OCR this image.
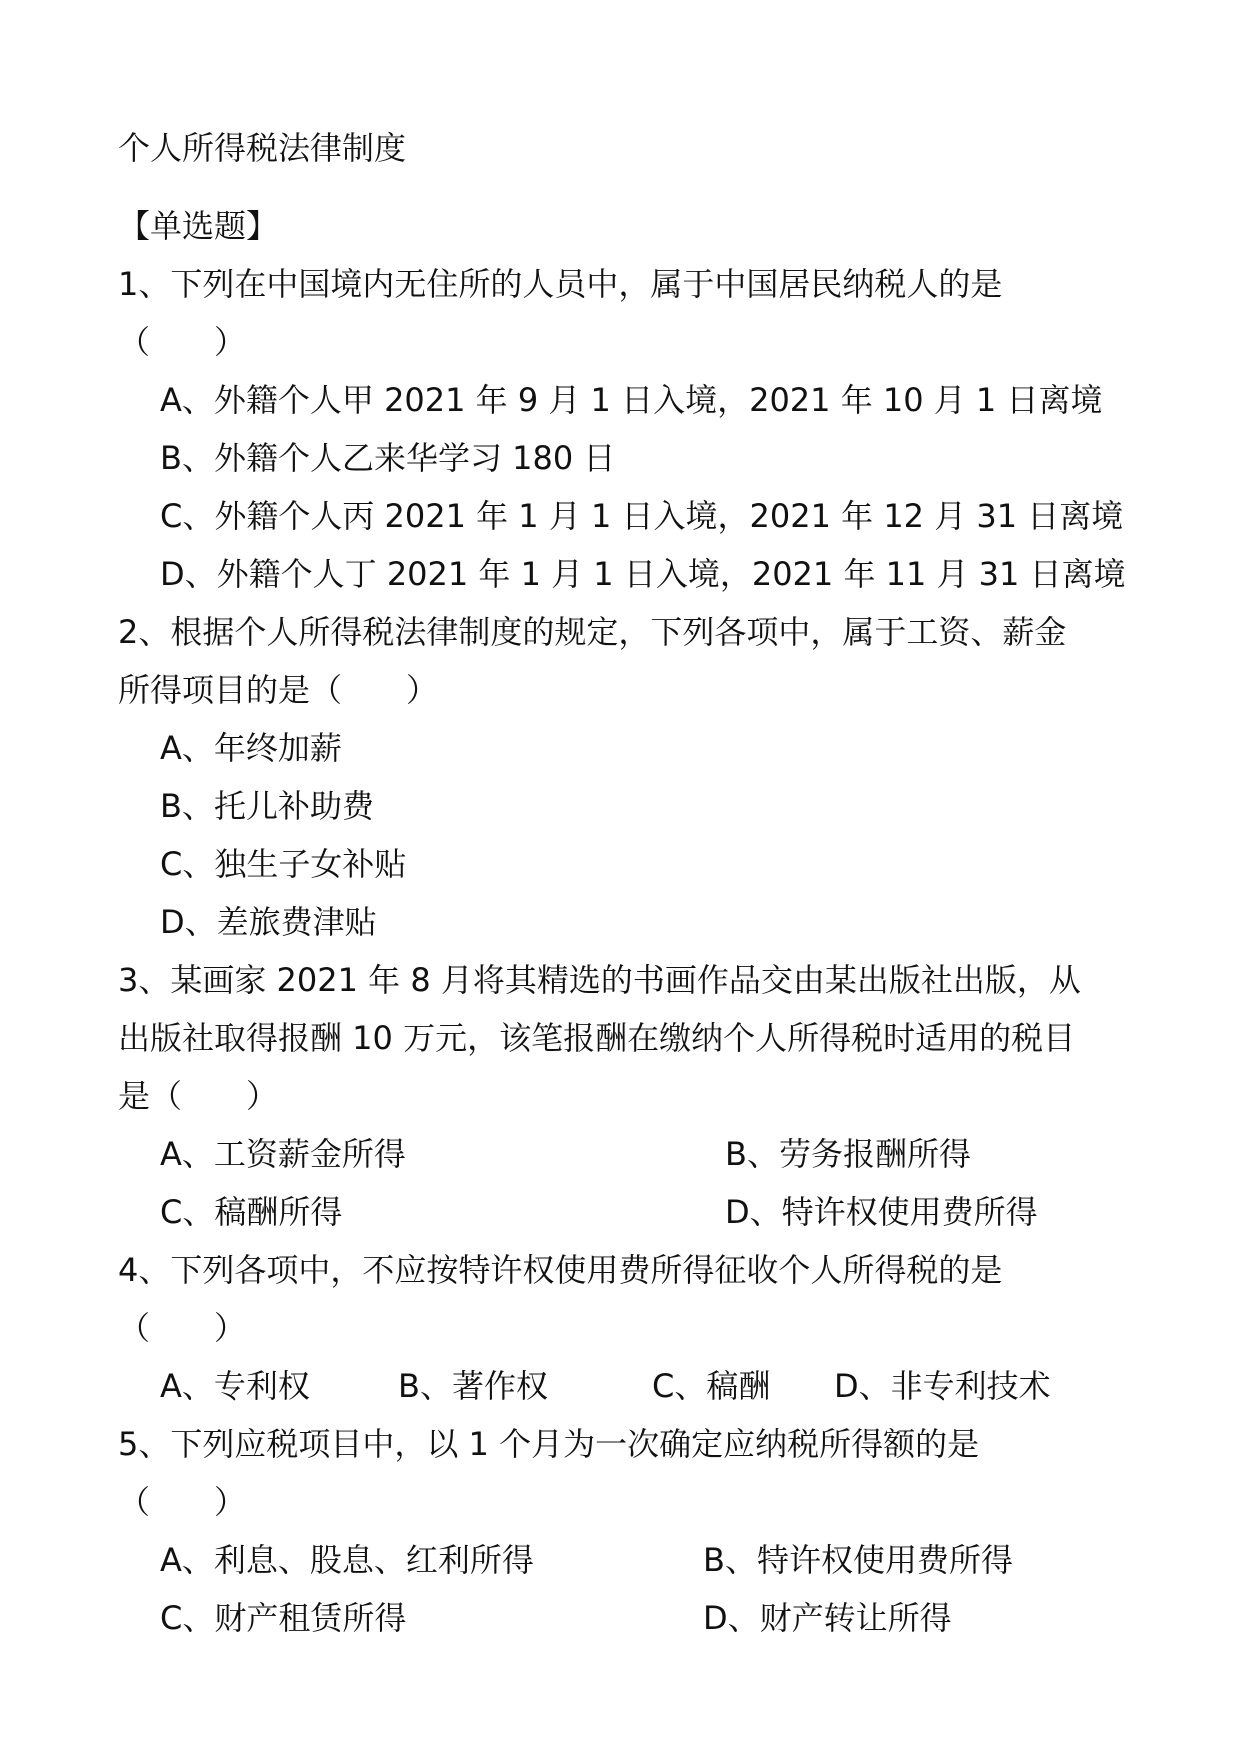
个人所得税法律制度
【单选题】
1、下列在中国境内无住所的人员中，属于中国居民纳税人的是
（　　）
A、外籍个人甲 2021 年 9 月 1 日入境，2021 年 10 月 1 日离境
B、外籍个人乙来华学习 180 日
C、外籍个人丙 2021 年 1 月 1 日入境，2021 年 12 月 31 日离境
D、外籍个人丁 2021 年 1 月 1 日入境，2021 年 11 月 31 日离境
2、根据个人所得税法律制度的规定，下列各项中，属于工资、薪金
所得项目的是（　　）
A、年终加薪
B、托儿补助费
C、独生子女补贴
D、差旅费津贴
3、某画家 2021 年 8 月将其精选的书画作品交由某出版社出版，从
出版社取得报酬 10 万元，该笔报酬在缴纳个人所得税时适用的税目
是（　　）
A、工资薪金所得	B、劳务报酬所得
C、稿酬所得	D、特许权使用费所得
4、下列各项中，不应按特许权使用费所得征收个人所得税的是
（　　）
A、专利权	B、著作权	C、稿酬 D、非专利技术
5、下列应税项目中，以 1 个月为一次确定应纳税所得额的是
（　　）
A、利息、股息、红利所得	B、特许权使用费所得
C、财产租赁所得	D、财产转让所得
